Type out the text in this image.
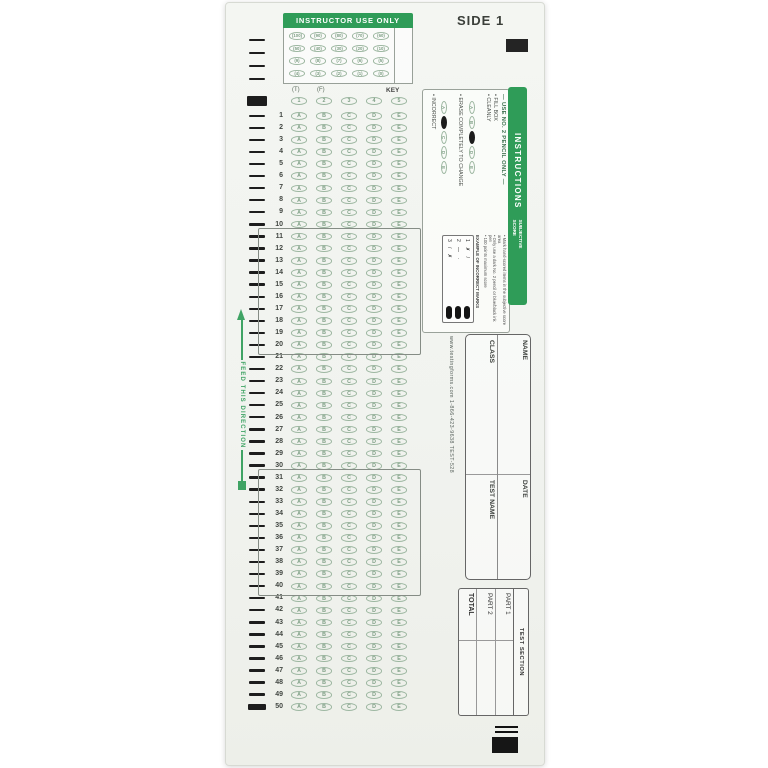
INSTRUCTOR USE ONLY
(100)	(90)	(80)	(70)	(60)
(50)	(40)	(30)	(20)	(10)
(9)	(8)	(7)	(6)	(5)
(4)	(3)	(2)	(1)	(0)
SIDE 1
(T)	(F)	KEY
1	2	3	4	5
1	A	B	C	D	E
2	A	B	C	D	E
3	A	B	C	D	E
4	A	B	C	D	E
5	A	B	C	D	E
6	A	B	C	D	E
7	A	B	C	D	E
8	A	B	C	D	E
9	A	B	C	D	E
10	A	B	C	D	E
11	A	B	C	D	E
12	A	B	C	D	E
13	A	B	C	D	E
14	A	B	C	D	E
15	A	B	C	D	E
16	A	B	C	D	E
17	A	B	C	D	E
18	A	B	C	D	E
19	A	B	C	D	E
20	A	B	C	D	E
21	A	B	C	D	E
22	A	B	C	D	E
23	A	B	C	D	E
24	A	B	C	D	E
25	A	B	C	D	E
26	A	B	C	D	E
27	A	B	C	D	E
28	A	B	C	D	E
29	A	B	C	D	E
30	A	B	C	D	E
31	A	B	C	D	E
32	A	B	C	D	E
33	A	B	C	D	E
34	A	B	C	D	E
35	A	B	C	D	E
36	A	B	C	D	E
37	A	B	C	D	E
38	A	B	C	D	E
39	A	B	C	D	E
40	A	B	C	D	E
41	A	B	C	D	E
42	A	B	C	D	E
43	A	B	C	D	E
44	A	B	C	D	E
45	A	B	C	D	E
46	A	B	C	D	E
47	A	B	C	D	E
48	A	B	C	D	E
49	A	B	C	D	E
50	A	B	C	D	E
FEED THIS DIRECTION
— USE NO. 2 PENCIL ONLY —
• FILL BOX
• CLEANLY
ABDE
• ERASE COMPLETELY TO CHANGE
ACDE
• INCORRECT
• Mark hand-scored items in the subjective score area
• Only use a dark No. 2 pencil or blue/black ink pen
• 100 points maximum score
EXAMPLE OF INCORRECT MARKS
1
✗ /
2
— ·
3
/ ✗
INSTRUCTIONS
SUBJECTIVE
SCORE
www.testingforms.com 1-866-423-9638 TEST-528	NAME
DATE
CLASS
TEST NAME
TEST SECTION
PART 1
PART 2
TOTAL
